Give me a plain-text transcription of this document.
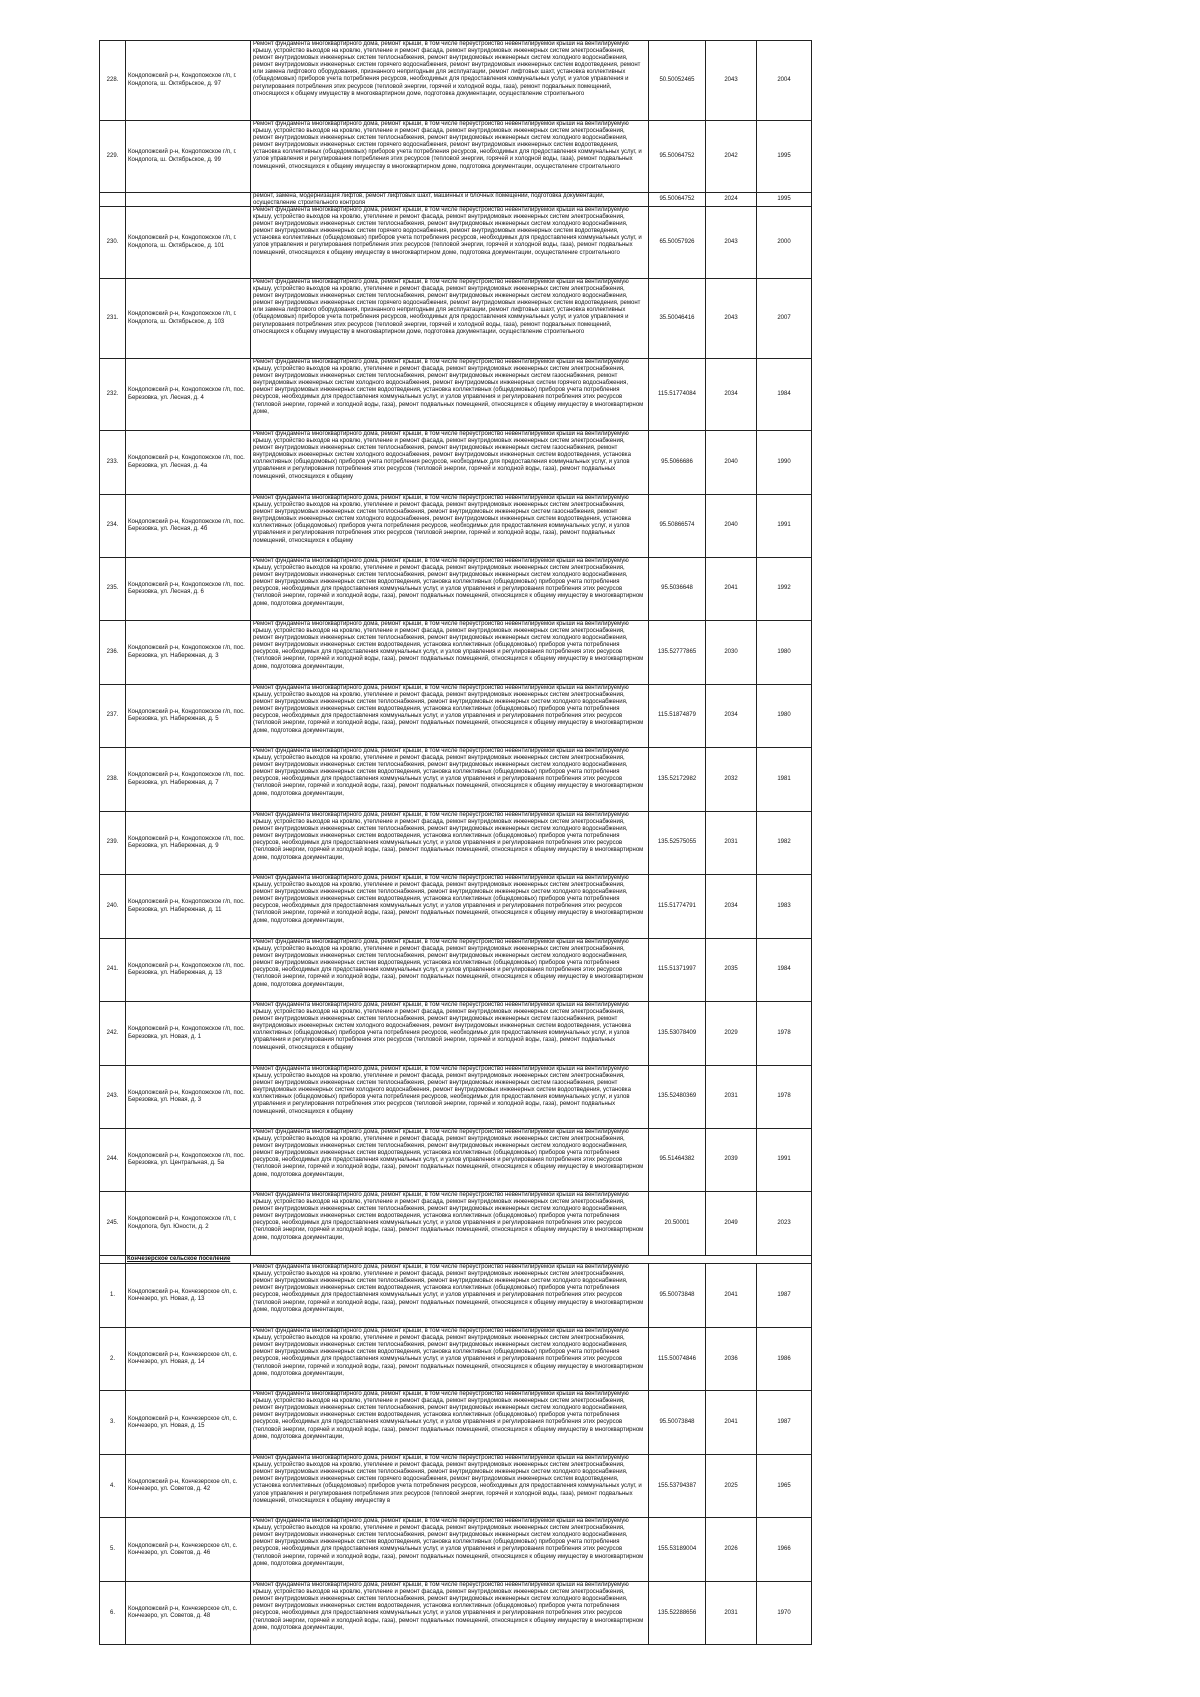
228.	Кондопожский р-н, Кондопожское г/п, г. Кондопога, ш. Октябрьское, д. 97	Ремонт фундамента многоквартирного дома, ремонт крыши, в том числе переустройство невентилируемой крыши на вентилируемую крышу, устройство выходов на кровлю, утепление и ремонт фасада, ремонт внутридомовых инженерных систем электроснабжения, ремонт внутридомовых инженерных систем теплоснабжения, ремонт внутридомовых инженерных систем холодного водоснабжения, ремонт внутридомовых инженерных систем горячего водоснабжения, ремонт внутридомовых инженерных систем водоотведения, ремонт или замена лифтового оборудования, признанного непригодным для эксплуатации, ремонт лифтовых шахт, установка коллективных (общедомовых) приборов учета потребления ресурсов, необходимых для предоставления коммунальных услуг, и узлов управления и регулирования потребления этих ресурсов (тепловой энергии, горячей и холодной воды, газа), ремонт подвальных помещений, относящихся к общему имуществу в многоквартирном доме, подготовка документации, осуществление строительного	50.50052465	2043	2004
229.	Кондопожский р-н, Кондопожское г/п, г. Кондопога, ш. Октябрьское, д. 99	Ремонт фундамента многоквартирного дома, ремонт крыши, в том числе переустройство невентилируемой крыши на вентилируемую крышу, устройство выходов на кровлю, утепление и ремонт фасада, ремонт внутридомовых инженерных систем электроснабжения, ремонт внутридомовых инженерных систем теплоснабжения, ремонт внутридомовых инженерных систем холодного водоснабжения, ремонт внутридомовых инженерных систем горячего водоснабжения, ремонт внутридомовых инженерных систем водоотведения, установка коллективных (общедомовых) приборов учета потребления ресурсов, необходимых для предоставления коммунальных услуг, и узлов управления и регулирования потребления этих ресурсов (тепловой энергии, горячей и холодной воды, газа), ремонт подвальных помещений, относящихся к общему имуществу в многоквартирном доме, подготовка документации, осуществление строительного	95.50064752	2042	1995

		ремонт, замена, модернизация лифтов, ремонт лифтовых шахт, машинных и блочных помещений, подготовка документации, осуществление строительного контроля	95.50064752	2024	1995
230.	Кондопожский р-н, Кондопожское г/п, г. Кондопога, ш. Октябрьское, д. 101	Ремонт фундамента многоквартирного дома, ремонт крыши, в том числе переустройство невентилируемой крыши на вентилируемую крышу, устройство выходов на кровлю, утепление и ремонт фасада, ремонт внутридомовых инженерных систем электроснабжения, ремонт внутридомовых инженерных систем теплоснабжения, ремонт внутридомовых инженерных систем холодного водоснабжения, ремонт внутридомовых инженерных систем горячего водоснабжения, ремонт внутридомовых инженерных систем водоотведения, установка коллективных (общедомовых) приборов учета потребления ресурсов, необходимых для предоставления коммунальных услуг, и узлов управления и регулирования потребления этих ресурсов (тепловой энергии, горячей и холодной воды, газа), ремонт подвальных помещений, относящихся к общему имуществу в многоквартирном доме, подготовка документации, осуществление строительного	65.50057926	2043	2000
231.	Кондопожский р-н, Кондопожское г/п, г. Кондопога, ш. Октябрьское, д. 103	Ремонт фундамента многоквартирного дома, ремонт крыши, в том числе переустройство невентилируемой крыши на вентилируемую крышу, устройство выходов на кровлю, утепление и ремонт фасада, ремонт внутридомовых инженерных систем электроснабжения, ремонт внутридомовых инженерных систем теплоснабжения, ремонт внутридомовых инженерных систем холодного водоснабжения, ремонт внутридомовых инженерных систем горячего водоснабжения, ремонт внутридомовых инженерных систем водоотведения, ремонт или замена лифтового оборудования, признанного непригодным для эксплуатации, ремонт лифтовых шахт, установка коллективных (общедомовых) приборов учета потребления ресурсов, необходимых для предоставления коммунальных услуг, и узлов управления и регулирования потребления этих ресурсов (тепловой энергии, горячей и холодной воды, газа), ремонт подвальных помещений, относящихся к общему имуществу в многоквартирном доме, подготовка документации, осуществление строительного	35.50046416	2043	2007
232.	Кондопожский р-н, Кондопожское г/п, пос. Березовка, ул. Лесная, д. 4	Ремонт фундамента многоквартирного дома, ремонт крыши, в том числе переустройство невентилируемой крыши на вентилируемую крышу, устройство выходов на кровлю, утепление и ремонт фасада, ремонт внутридомовых инженерных систем электроснабжения, ремонт внутридомовых инженерных систем теплоснабжения, ремонт внутридомовых инженерных систем газоснабжения, ремонт внутридомовых инженерных систем холодного водоснабжения, ремонт внутридомовых инженерных систем горячего водоснабжения, ремонт внутридомовых инженерных систем водоотведения, установка коллективных (общедомовых) приборов учета потребления ресурсов, необходимых для предоставления коммунальных услуг, и узлов управления и регулирования потребления этих ресурсов (тепловой энергии, горячей и холодной воды, газа), ремонт подвальных помещений, относящихся к общему имуществу в многоквартирном доме,	115.51774084	2034	1984
233.	Кондопожский р-н, Кондопожское г/п, пос. Березовка, ул. Лесная, д. 4а	Ремонт фундамента многоквартирного дома, ремонт крыши, в том числе переустройство невентилируемой крыши на вентилируемую крышу, устройство выходов на кровлю, утепление и ремонт фасада, ремонт внутридомовых инженерных систем электроснабжения, ремонт внутридомовых инженерных систем теплоснабжения, ремонт внутридомовых инженерных систем газоснабжения, ремонт внутридомовых инженерных систем холодного водоснабжения, ремонт внутридомовых инженерных систем водоотведения, установка коллективных (общедомовых) приборов учета потребления ресурсов, необходимых для предоставления коммунальных услуг, и узлов управления и регулирования потребления этих ресурсов (тепловой энергии, горячей и холодной воды, газа), ремонт подвальных помещений, относящихся к общему	95.5066686	2040	1990
234.	Кондопожский р-н, Кондопожское г/п, пос. Березовка, ул. Лесная, д. 4б	Ремонт фундамента многоквартирного дома, ремонт крыши, в том числе переустройство невентилируемой крыши на вентилируемую крышу, устройство выходов на кровлю, утепление и ремонт фасада, ремонт внутридомовых инженерных систем электроснабжения, ремонт внутридомовых инженерных систем теплоснабжения, ремонт внутридомовых инженерных систем газоснабжения, ремонт внутридомовых инженерных систем холодного водоснабжения, ремонт внутридомовых инженерных систем водоотведения, установка коллективных (общедомовых) приборов учета потребления ресурсов, необходимых для предоставления коммунальных услуг, и узлов управления и регулирования потребления этих ресурсов (тепловой энергии, горячей и холодной воды, газа), ремонт подвальных помещений, относящихся к общему	95.50866574	2040	1991
235.	Кондопожский р-н, Кондопожское г/п, пос. Березовка, ул. Лесная, д. 6	Ремонт фундамента многоквартирного дома, ремонт крыши, в том числе переустройство невентилируемой крыши на вентилируемую крышу, устройство выходов на кровлю, утепление и ремонт фасада, ремонт внутридомовых инженерных систем электроснабжения, ремонт внутридомовых инженерных систем теплоснабжения, ремонт внутридомовых инженерных систем холодного водоснабжения, ремонт внутридомовых инженерных систем водоотведения, установка коллективных (общедомовых) приборов учета потребления ресурсов, необходимых для предоставления коммунальных услуг, и узлов управления и регулирования потребления этих ресурсов (тепловой энергии, горячей и холодной воды, газа), ремонт подвальных помещений, относящихся к общему имуществу в многоквартирном доме, подготовка документации,	95.5036648	2041	1992
236.	Кондопожский р-н, Кондопожское г/п, пос. Березовка, ул. Набережная, д. 3	Ремонт фундамента многоквартирного дома, ремонт крыши, в том числе переустройство невентилируемой крыши на вентилируемую крышу, устройство выходов на кровлю, утепление и ремонт фасада, ремонт внутридомовых инженерных систем электроснабжения, ремонт внутридомовых инженерных систем теплоснабжения, ремонт внутридомовых инженерных систем холодного водоснабжения, ремонт внутридомовых инженерных систем водоотведения, установка коллективных (общедомовых) приборов учета потребления ресурсов, необходимых для предоставления коммунальных услуг, и узлов управления и регулирования потребления этих ресурсов (тепловой энергии, горячей и холодной воды, газа), ремонт подвальных помещений, относящихся к общему имуществу в многоквартирном доме, подготовка документации,	135.52777865	2030	1980
237.	Кондопожский р-н, Кондопожское г/п, пос. Березовка, ул. Набережная, д. 5	Ремонт фундамента многоквартирного дома, ремонт крыши, в том числе переустройство невентилируемой крыши на вентилируемую крышу, устройство выходов на кровлю, утепление и ремонт фасада, ремонт внутридомовых инженерных систем электроснабжения, ремонт внутридомовых инженерных систем теплоснабжения, ремонт внутридомовых инженерных систем холодного водоснабжения, ремонт внутридомовых инженерных систем водоотведения, установка коллективных (общедомовых) приборов учета потребления ресурсов, необходимых для предоставления коммунальных услуг, и узлов управления и регулирования потребления этих ресурсов (тепловой энергии, горячей и холодной воды, газа), ремонт подвальных помещений, относящихся к общему имуществу в многоквартирном доме, подготовка документации,	115.51874879	2034	1980
238.	Кондопожский р-н, Кондопожское г/п, пос. Березовка, ул. Набережная, д. 7	Ремонт фундамента многоквартирного дома, ремонт крыши, в том числе переустройство невентилируемой крыши на вентилируемую крышу, устройство выходов на кровлю, утепление и ремонт фасада, ремонт внутридомовых инженерных систем электроснабжения, ремонт внутридомовых инженерных систем теплоснабжения, ремонт внутридомовых инженерных систем холодного водоснабжения, ремонт внутридомовых инженерных систем водоотведения, установка коллективных (общедомовых) приборов учета потребления ресурсов, необходимых для предоставления коммунальных услуг, и узлов управления и регулирования потребления этих ресурсов (тепловой энергии, горячей и холодной воды, газа), ремонт подвальных помещений, относящихся к общему имуществу в многоквартирном доме, подготовка документации,	135.52172982	2032	1981
239.	Кондопожский р-н, Кондопожское г/п, пос. Березовка, ул. Набережная, д. 9	Ремонт фундамента многоквартирного дома, ремонт крыши, в том числе переустройство невентилируемой крыши на вентилируемую крышу, устройство выходов на кровлю, утепление и ремонт фасада, ремонт внутридомовых инженерных систем электроснабжения, ремонт внутридомовых инженерных систем теплоснабжения, ремонт внутридомовых инженерных систем холодного водоснабжения, ремонт внутридомовых инженерных систем водоотведения, установка коллективных (общедомовых) приборов учета потребления ресурсов, необходимых для предоставления коммунальных услуг, и узлов управления и регулирования потребления этих ресурсов (тепловой энергии, горячей и холодной воды, газа), ремонт подвальных помещений, относящихся к общему имуществу в многоквартирном доме, подготовка документации,	135.52575055	2031	1982
240.	Кондопожский р-н, Кондопожское г/п, пос. Березовка, ул. Набережная, д. 11	Ремонт фундамента многоквартирного дома, ремонт крыши, в том числе переустройство невентилируемой крыши на вентилируемую крышу, устройство выходов на кровлю, утепление и ремонт фасада, ремонт внутридомовых инженерных систем электроснабжения, ремонт внутридомовых инженерных систем теплоснабжения, ремонт внутридомовых инженерных систем холодного водоснабжения, ремонт внутридомовых инженерных систем водоотведения, установка коллективных (общедомовых) приборов учета потребления ресурсов, необходимых для предоставления коммунальных услуг, и узлов управления и регулирования потребления этих ресурсов (тепловой энергии, горячей и холодной воды, газа), ремонт подвальных помещений, относящихся к общему имуществу в многоквартирном доме, подготовка документации,	115.51774791	2034	1983
241.	Кондопожский р-н, Кондопожское г/п, пос. Березовка, ул. Набережная, д. 13	Ремонт фундамента многоквартирного дома, ремонт крыши, в том числе переустройство невентилируемой крыши на вентилируемую крышу, устройство выходов на кровлю, утепление и ремонт фасада, ремонт внутридомовых инженерных систем электроснабжения, ремонт внутридомовых инженерных систем теплоснабжения, ремонт внутридомовых инженерных систем холодного водоснабжения, ремонт внутридомовых инженерных систем водоотведения, установка коллективных (общедомовых) приборов учета потребления ресурсов, необходимых для предоставления коммунальных услуг, и узлов управления и регулирования потребления этих ресурсов (тепловой энергии, горячей и холодной воды, газа), ремонт подвальных помещений, относящихся к общему имуществу в многоквартирном доме, подготовка документации,	115.51371997	2035	1984
242.	Кондопожский р-н, Кондопожское г/п, пос. Березовка, ул. Новая, д. 1	Ремонт фундамента многоквартирного дома, ремонт крыши, в том числе переустройство невентилируемой крыши на вентилируемую крышу, устройство выходов на кровлю, утепление и ремонт фасада, ремонт внутридомовых инженерных систем электроснабжения, ремонт внутридомовых инженерных систем теплоснабжения, ремонт внутридомовых инженерных систем газоснабжения, ремонт внутридомовых инженерных систем холодного водоснабжения, ремонт внутридомовых инженерных систем водоотведения, установка коллективных (общедомовых) приборов учета потребления ресурсов, необходимых для предоставления коммунальных услуг, и узлов управления и регулирования потребления этих ресурсов (тепловой энергии, горячей и холодной воды, газа), ремонт подвальных помещений, относящихся к общему	135.53078409	2029	1978
243.	Кондопожский р-н, Кондопожское г/п, пос. Березовка, ул. Новая, д. 3	Ремонт фундамента многоквартирного дома, ремонт крыши, в том числе переустройство невентилируемой крыши на вентилируемую крышу, устройство выходов на кровлю, утепление и ремонт фасада, ремонт внутридомовых инженерных систем электроснабжения, ремонт внутридомовых инженерных систем теплоснабжения, ремонт внутридомовых инженерных систем газоснабжения, ремонт внутридомовых инженерных систем холодного водоснабжения, ремонт внутридомовых инженерных систем водоотведения, установка коллективных (общедомовых) приборов учета потребления ресурсов, необходимых для предоставления коммунальных услуг, и узлов управления и регулирования потребления этих ресурсов (тепловой энергии, горячей и холодной воды, газа), ремонт подвальных помещений, относящихся к общему	135.52480369	2031	1978
244.	Кондопожский р-н, Кондопожское г/п, пос. Березовка, ул. Центральная, д. 5а	Ремонт фундамента многоквартирного дома, ремонт крыши, в том числе переустройство невентилируемой крыши на вентилируемую крышу, устройство выходов на кровлю, утепление и ремонт фасада, ремонт внутридомовых инженерных систем электроснабжения, ремонт внутридомовых инженерных систем теплоснабжения, ремонт внутридомовых инженерных систем холодного водоснабжения, ремонт внутридомовых инженерных систем водоотведения, установка коллективных (общедомовых) приборов учета потребления ресурсов, необходимых для предоставления коммунальных услуг, и узлов управления и регулирования потребления этих ресурсов (тепловой энергии, горячей и холодной воды, газа), ремонт подвальных помещений, относящихся к общему имуществу в многоквартирном доме, подготовка документации,	95.51464382	2039	1991
245.	Кондопожский р-н, Кондопожское г/п, г. Кондопога, бул. Юности, д. 2	Ремонт фундамента многоквартирного дома, ремонт крыши, в том числе переустройство невентилируемой крыши на вентилируемую крышу, устройство выходов на кровлю, утепление и ремонт фасада, ремонт внутридомовых инженерных систем электроснабжения, ремонт внутридомовых инженерных систем теплоснабжения, ремонт внутридомовых инженерных систем холодного водоснабжения, ремонт внутридомовых инженерных систем водоотведения, установка коллективных (общедомовых) приборов учета потребления ресурсов, необходимых для предоставления коммунальных услуг, и узлов управления и регулирования потребления этих ресурсов (тепловой энергии, горячей и холодной воды, газа), ремонт подвальных помещений, относящихся к общему имуществу в многоквартирном доме, подготовка документации,	20.50001	2049	2023
	Кончезерское сельское поселение				
1.	Кондопожский р-н, Кончезерское с/п, с. Кончезеро, ул. Новая, д. 13	Ремонт фундамента многоквартирного дома, ремонт крыши, в том числе переустройство невентилируемой крыши на вентилируемую крышу, устройство выходов на кровлю, утепление и ремонт фасада, ремонт внутридомовых инженерных систем электроснабжения, ремонт внутридомовых инженерных систем теплоснабжения, ремонт внутридомовых инженерных систем холодного водоснабжения, ремонт внутридомовых инженерных систем водоотведения, установка коллективных (общедомовых) приборов учета потребления ресурсов, необходимых для предоставления коммунальных услуг, и узлов управления и регулирования потребления этих ресурсов (тепловой энергии, горячей и холодной воды, газа), ремонт подвальных помещений, относящихся к общему имуществу в многоквартирном доме, подготовка документации,	95.50073848	2041	1987
2.	Кондопожский р-н, Кончезерское с/п, с. Кончезеро, ул. Новая, д. 14	Ремонт фундамента многоквартирного дома, ремонт крыши, в том числе переустройство невентилируемой крыши на вентилируемую крышу, устройство выходов на кровлю, утепление и ремонт фасада, ремонт внутридомовых инженерных систем электроснабжения, ремонт внутридомовых инженерных систем теплоснабжения, ремонт внутридомовых инженерных систем холодного водоснабжения, ремонт внутридомовых инженерных систем водоотведения, установка коллективных (общедомовых) приборов учета потребления ресурсов, необходимых для предоставления коммунальных услуг, и узлов управления и регулирования потребления этих ресурсов (тепловой энергии, горячей и холодной воды, газа), ремонт подвальных помещений, относящихся к общему имуществу в многоквартирном доме, подготовка документации,	115.50074846	2036	1986
3.	Кондопожский р-н, Кончезерское с/п, с. Кончезеро, ул. Новая, д. 15	Ремонт фундамента многоквартирного дома, ремонт крыши, в том числе переустройство невентилируемой крыши на вентилируемую крышу, устройство выходов на кровлю, утепление и ремонт фасада, ремонт внутридомовых инженерных систем электроснабжения, ремонт внутридомовых инженерных систем теплоснабжения, ремонт внутридомовых инженерных систем холодного водоснабжения, ремонт внутридомовых инженерных систем водоотведения, установка коллективных (общедомовых) приборов учета потребления ресурсов, необходимых для предоставления коммунальных услуг, и узлов управления и регулирования потребления этих ресурсов (тепловой энергии, горячей и холодной воды, газа), ремонт подвальных помещений, относящихся к общему имуществу в многоквартирном доме, подготовка документации,	95.50073848	2041	1987
4.	Кондопожский р-н, Кончезерское с/п, с. Кончезеро, ул. Советов, д. 42	Ремонт фундамента многоквартирного дома, ремонт крыши, в том числе переустройство невентилируемой крыши на вентилируемую крышу, устройство выходов на кровлю, утепление и ремонт фасада, ремонт внутридомовых инженерных систем электроснабжения, ремонт внутридомовых инженерных систем теплоснабжения, ремонт внутридомовых инженерных систем холодного водоснабжения, ремонт внутридомовых инженерных систем горячего водоснабжения, ремонт внутридомовых инженерных систем водоотведения, установка коллективных (общедомовых) приборов учета потребления ресурсов, необходимых для предоставления коммунальных услуг, и узлов управления и регулирования потребления этих ресурсов (тепловой энергии, горячей и холодной воды, газа), ремонт подвальных помещений, относящихся к общему имуществу в	155.53794387	2025	1965
5.	Кондопожский р-н, Кончезерское с/п, с. Кончезеро, ул. Советов, д. 46	Ремонт фундамента многоквартирного дома, ремонт крыши, в том числе переустройство невентилируемой крыши на вентилируемую крышу, устройство выходов на кровлю, утепление и ремонт фасада, ремонт внутридомовых инженерных систем электроснабжения, ремонт внутридомовых инженерных систем теплоснабжения, ремонт внутридомовых инженерных систем холодного водоснабжения, ремонт внутридомовых инженерных систем водоотведения, установка коллективных (общедомовых) приборов учета потребления ресурсов, необходимых для предоставления коммунальных услуг, и узлов управления и регулирования потребления этих ресурсов (тепловой энергии, горячей и холодной воды, газа), ремонт подвальных помещений, относящихся к общему имуществу в многоквартирном доме, подготовка документации,	155.53189004	2026	1966
6.	Кондопожский р-н, Кончезерское с/п, с. Кончезеро, ул. Советов, д. 48	Ремонт фундамента многоквартирного дома, ремонт крыши, в том числе переустройство невентилируемой крыши на вентилируемую крышу, устройство выходов на кровлю, утепление и ремонт фасада, ремонт внутридомовых инженерных систем электроснабжения, ремонт внутридомовых инженерных систем теплоснабжения, ремонт внутридомовых инженерных систем холодного водоснабжения, ремонт внутридомовых инженерных систем водоотведения, установка коллективных (общедомовых) приборов учета потребления ресурсов, необходимых для предоставления коммунальных услуг, и узлов управления и регулирования потребления этих ресурсов (тепловой энергии, горячей и холодной воды, газа), ремонт подвальных помещений, относящихся к общему имуществу в многоквартирном доме, подготовка документации,	135.52288656	2031	1970
